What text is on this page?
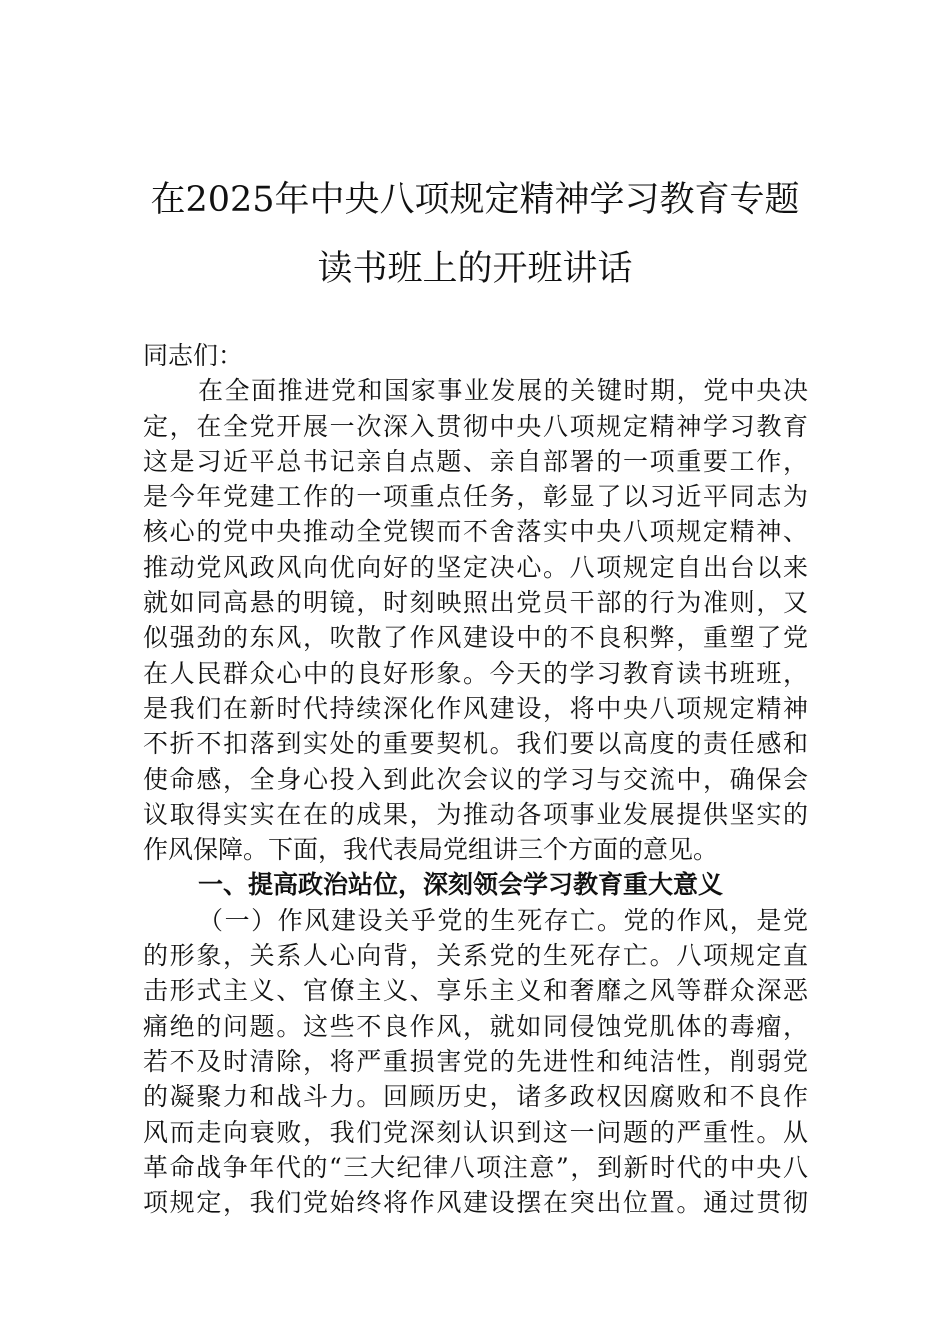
在2025年中央八项规定精神学习教育专题
读书班上的开班讲话
同志们：
在全面推进党和国家事业发展的关键时期，党中央决
定，在全党开展一次深入贯彻中央八项规定精神学习教育
这是习近平总书记亲自点题、亲自部署的一项重要工作，
是今年党建工作的一项重点任务，彰显了以习近平同志为
核心的党中央推动全党锲而不舍落实中央八项规定精神、
推动党风政风向优向好的坚定决心。八项规定自出台以来
就如同高悬的明镜，时刻映照出党员干部的行为准则，又
似强劲的东风，吹散了作风建设中的不良积弊，重塑了党
在人民群众心中的良好形象。今天的学习教育读书班班，
是我们在新时代持续深化作风建设，将中央八项规定精神
不折不扣落到实处的重要契机。我们要以高度的责任感和
使命感，全身心投入到此次会议的学习与交流中，确保会
议取得实实在在的成果，为推动各项事业发展提供坚实的
作风保障。下面，我代表局党组讲三个方面的意见。
一、提高政治站位，深刻领会学习教育重大意义
（一）作风建设关乎党的生死存亡。党的作风，是党
的形象，关系人心向背，关系党的生死存亡。八项规定直
击形式主义、官僚主义、享乐主义和奢靡之风等群众深恶
痛绝的问题。这些不良作风，就如同侵蚀党肌体的毒瘤，
若不及时清除，将严重损害党的先进性和纯洁性，削弱党
的凝聚力和战斗力。回顾历史，诸多政权因腐败和不良作
风而走向衰败，我们党深刻认识到这一问题的严重性。从
革命战争年代的“三大纪律八项注意”，到新时代的中央八
项规定，我们党始终将作风建设摆在突出位置。通过贯彻
